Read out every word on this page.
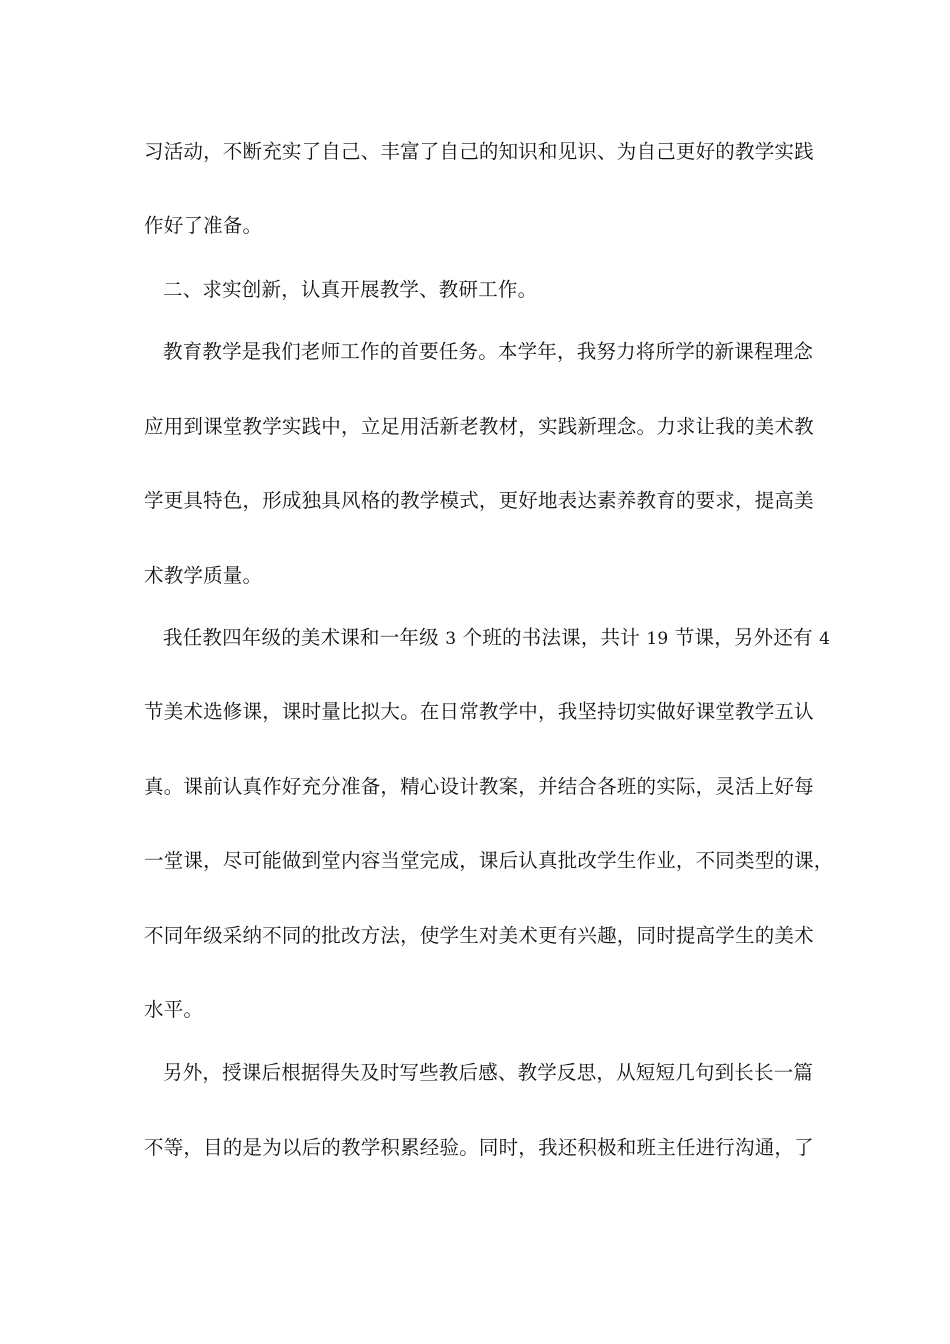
习活动，不断充实了自己、丰富了自己的知识和见识、为自己更好的教学实践
作好了准备。
二、求实创新，认真开展教学、教研工作。
教育教学是我们老师工作的首要任务。本学年，我努力将所学的新课程理念
应用到课堂教学实践中，立足用活新老教材，实践新理念。力求让我的美术教
学更具特色，形成独具风格的教学模式，更好地表达素养教育的要求，提高美
术教学质量。
我任教四年级的美术课和一年级 3 个班的书法课，共计 19 节课，另外还有 4
节美术选修课，课时量比拟大。在日常教学中，我坚持切实做好课堂教学五认
真。课前认真作好充分准备，精心设计教案，并结合各班的实际，灵活上好每
一堂课，尽可能做到堂内容当堂完成，课后认真批改学生作业，不同类型的课，
不同年级采纳不同的批改方法，使学生对美术更有兴趣，同时提高学生的美术
水平。
另外，授课后根据得失及时写些教后感、教学反思，从短短几句到长长一篇
不等，目的是为以后的教学积累经验。同时，我还积极和班主任进行沟通，了
